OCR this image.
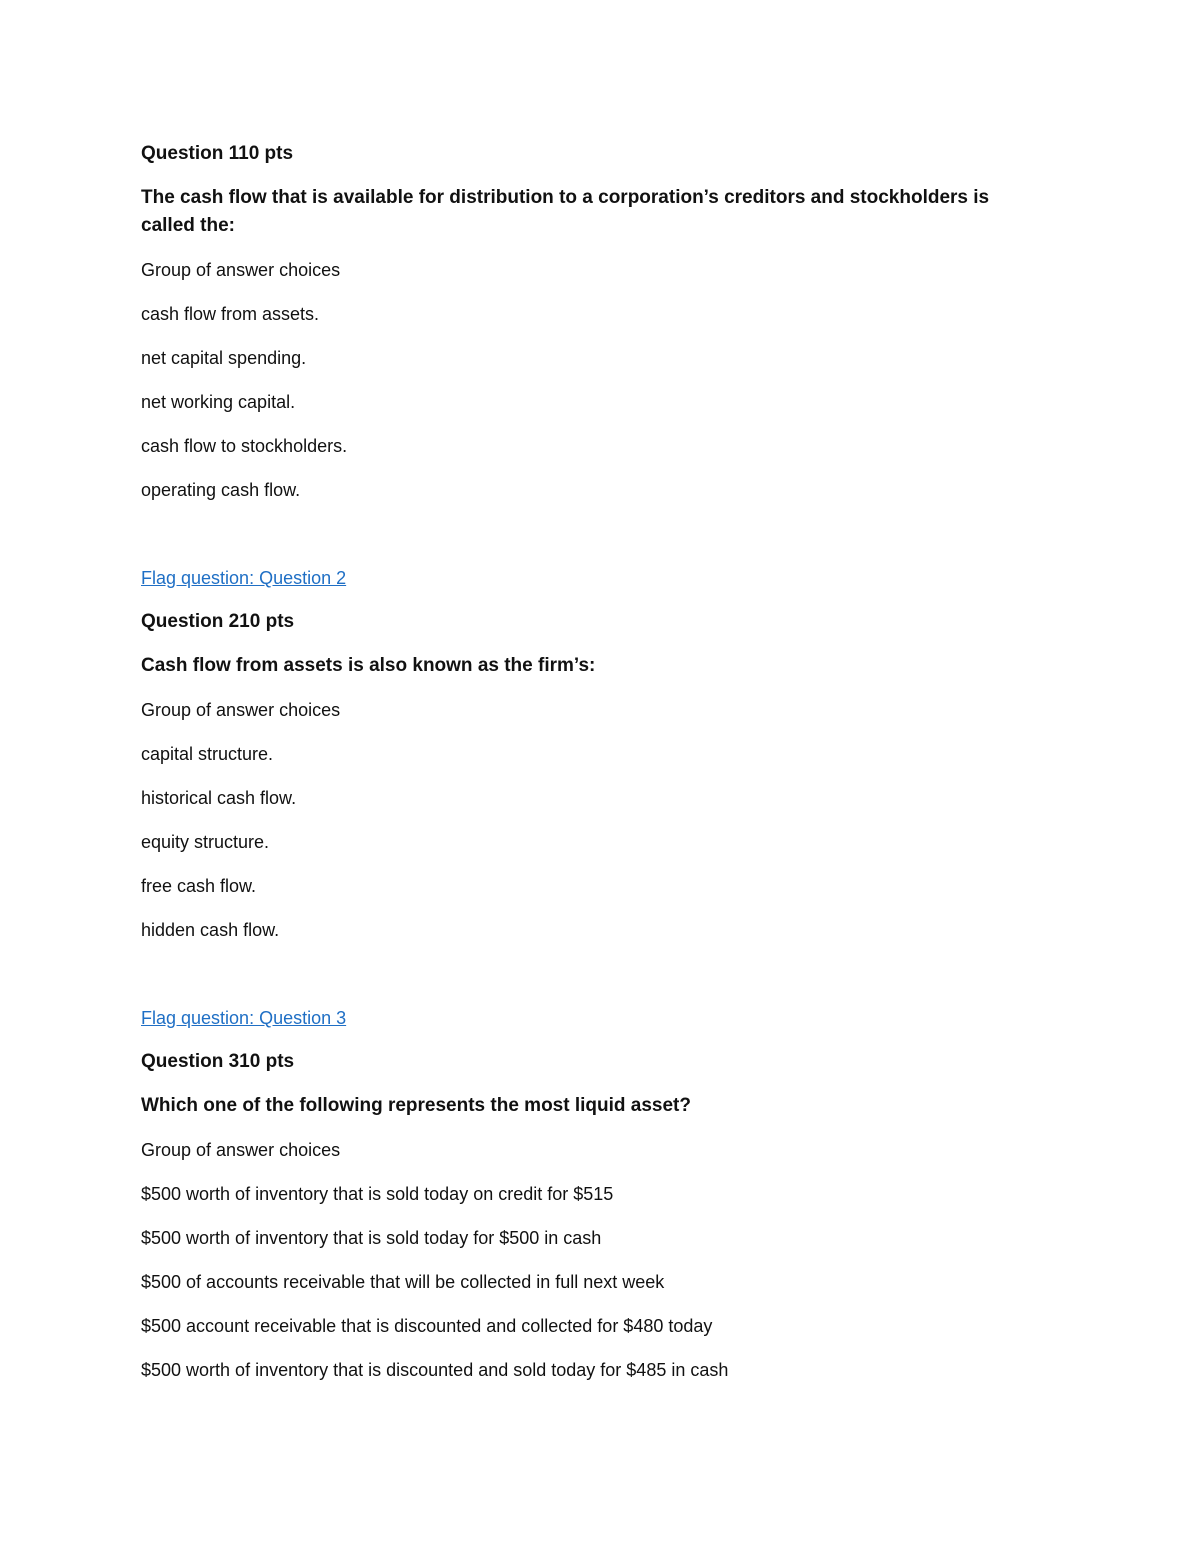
Question 110 pts
The cash flow that is available for distribution to a corporation’s creditors and stockholders is called the:
Group of answer choices
cash flow from assets.
net capital spending.
net working capital.
cash flow to stockholders.
operating cash flow.
Flag question: Question 2
Question 210 pts
Cash flow from assets is also known as the firm’s:
Group of answer choices
capital structure.
historical cash flow.
equity structure.
free cash flow.
hidden cash flow.
Flag question: Question 3
Question 310 pts
Which one of the following represents the most liquid asset?
Group of answer choices
$500 worth of inventory that is sold today on credit for $515
$500 worth of inventory that is sold today for $500 in cash
$500 of accounts receivable that will be collected in full next week
$500 account receivable that is discounted and collected for $480 today
$500 worth of inventory that is discounted and sold today for $485 in cash
